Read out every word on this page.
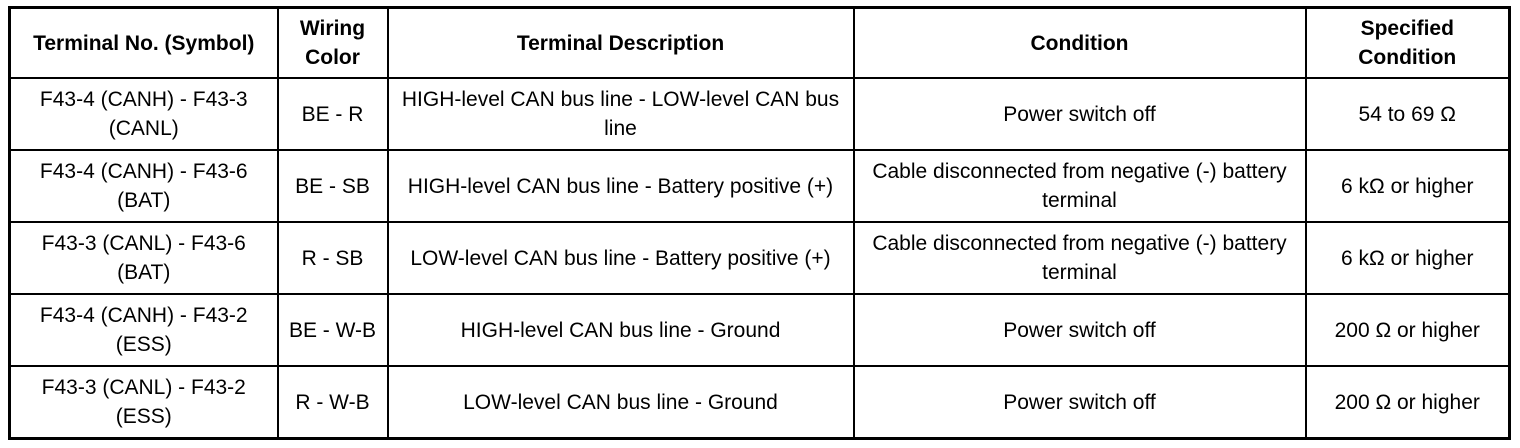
Terminal No. (Symbol)	Wiring Color	Terminal Description	Condition	Specified Condition
F43-4 (CANH) - F43-3 (CANL)	BE - R	HIGH-level CAN bus line - LOW-level CAN bus line	Power switch off	54 to 69 Ω
F43-4 (CANH) - F43-6 (BAT)	BE - SB	HIGH-level CAN bus line - Battery positive (+)	Cable disconnected from negative (-) battery terminal	6 kΩ or higher
F43-3 (CANL) - F43-6 (BAT)	R - SB	LOW-level CAN bus line - Battery positive (+)	Cable disconnected from negative (-) battery terminal	6 kΩ or higher
F43-4 (CANH) - F43-2 (ESS)	BE - W-B	HIGH-level CAN bus line - Ground	Power switch off	200 Ω or higher
F43-3 (CANL) - F43-2 (ESS)	R - W-B	LOW-level CAN bus line - Ground	Power switch off	200 Ω or higher
